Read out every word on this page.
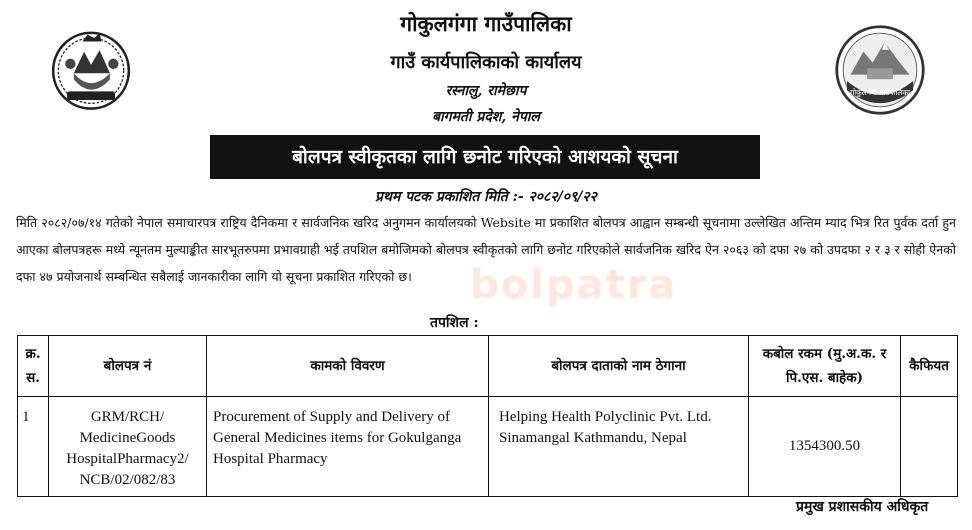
गोकुलगंगा गाउँपालिका
गोकुलगंगा गाउँपालिका
गाउँ कार्यपालिकाको कार्यालय
रस्नालु, रामेछाप
बागमती प्रदेश, नेपाल
बोलपत्र स्वीकृतका लागि छनोट गरिएको आशयको सूचना
प्रथम पटक प्रकाशित मिति :- २०८२/०९/२२
bolpatra
मिति २०८२/०७/१४ गतेको नेपाल समाचारपत्र राष्ट्रिय दैनिकमा र सार्वजनिक खरिद अनुगमन कार्यालयको Website मा प्रकाशित बोलपत्र आह्वान सम्बन्धी सूचनामा उल्लेखित अन्तिम म्याद भित्र रित पुर्वक दर्ता हुन आएका बोलपत्रहरू मध्ये न्यूनतम मुल्याङ्कीत सारभूतरुपमा प्रभावग्राही भई तपशिल बमोजिमको बोलपत्र स्वीकृतको लागि छनोट गरिएकोले सार्वजनिक खरिद ऐन २०६३ को दफा २७ को उपदफा २ र ३ र सोही ऐनको दफा ४७ प्रयोजनार्थ सम्बन्धित सबैलाई जानकारीका लागि यो सूचना प्रकाशित गरिएको छ।
तपशिल :
क्र. स.	बोलपत्र नं	कामको विवरण	बोलपत्र दाताको नाम ठेगाना	कबोल रकम (मु.अ.क. र पि.एस. बाहेक)	कैफियत
1	GRM/RCH/ MedicineGoods HospitalPharmacy2/ NCB/02/082/83	Procurement of Supply and Delivery of General Medicines items for Gokulganga Hospital Pharmacy	Helping Health Polyclinic Pvt. Ltd. Sinamangal Kathmandu, Nepal	1354300.50	
प्रमुख प्रशासकीय अधिकृत
